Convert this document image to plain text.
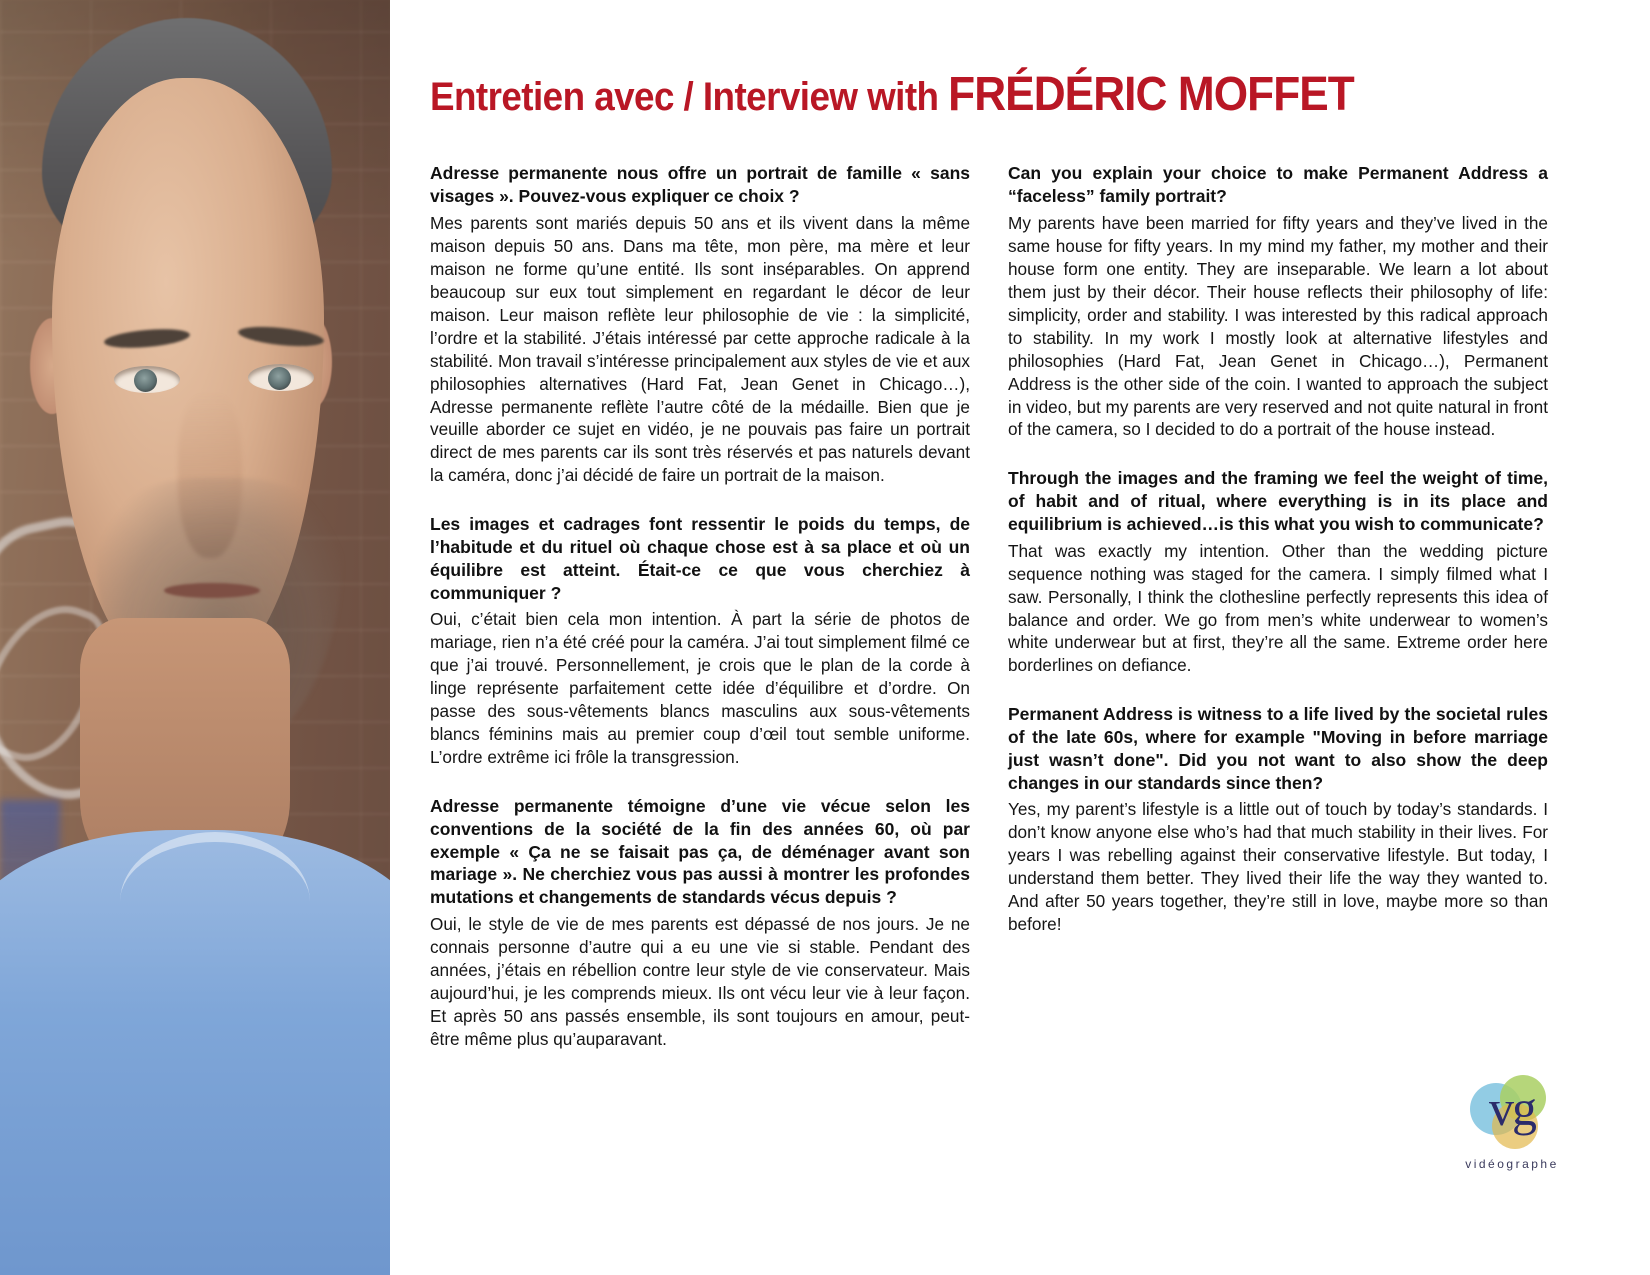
Entretien avec / Interview with FRÉDÉRIC MOFFET

Adresse permanente nous offre un portrait de famille « sans visages ». Pouvez-vous expliquer ce choix ?

Mes parents sont mariés depuis 50 ans et ils vivent dans la même maison depuis 50 ans. Dans ma tête, mon père, ma mère et leur maison ne forme qu’une entité. Ils sont inséparables. On apprend beaucoup sur eux tout simplement en regardant le décor de leur maison. Leur maison reflète leur philosophie de vie : la simplicité, l’ordre et la stabilité. J’étais intéressé par cette approche radicale à la stabilité. Mon travail s’intéresse principalement aux styles de vie et aux philosophies alternatives (Hard Fat, Jean Genet in Chicago…), Adresse permanente reflète l’autre côté de la médaille. Bien que je veuille aborder ce sujet en vidéo, je ne pouvais pas faire un portrait direct de mes parents car ils sont très réservés et pas naturels devant la caméra, donc j’ai décidé de faire un portrait de la maison.

Les images et cadrages font ressentir le poids du temps, de l’habitude et du rituel où chaque chose est à sa place et où un équilibre est atteint. Était-ce ce que vous cherchiez à communiquer ?

Oui, c’était bien cela mon intention. À part la série de photos de mariage, rien n’a été créé pour la caméra. J’ai tout simplement filmé ce que j’ai trouvé. Personnellement, je crois que le plan de la corde à linge représente parfaitement cette idée d’équilibre et d’ordre. On passe des sous-vêtements blancs masculins aux sous-vêtements blancs féminins mais au premier coup d’œil tout semble uniforme. L’ordre extrême ici frôle la transgression.

Adresse permanente témoigne d’une vie vécue selon les conventions de la société de la fin des années 60, où par exemple « Ça ne se faisait pas ça, de déménager avant son mariage ». Ne cherchiez vous pas aussi à montrer les profondes mutations et changements de standards vécus depuis ?

Oui, le style de vie de mes parents est dépassé de nos jours. Je ne connais personne d’autre qui a eu une vie si stable. Pendant des années, j’étais en rébellion contre leur style de vie conservateur. Mais aujourd’hui, je les comprends mieux. Ils ont vécu leur vie à leur façon. Et après 50 ans passés ensemble, ils sont toujours en amour, peut-être même plus qu’auparavant.

Can you explain your choice to make Permanent Address a “faceless” family portrait?

My parents have been married for fifty years and they’ve lived in the same house for fifty years. In my mind my father, my mother and their house form one entity. They are inseparable. We learn a lot about them just by their décor. Their house reflects their philosophy of life: simplicity, order and stability. I was interested by this radical approach to stability. In my work I mostly look at alternative lifestyles and philosophies (Hard Fat, Jean Genet in Chicago…), Permanent Address is the other side of the coin. I wanted to approach the subject in video, but my parents are very reserved and not quite natural in front of the camera, so I decided to do a portrait of the house instead.

Through the images and the framing we feel the weight of time, of habit and of ritual, where everything is in its place and equilibrium is achieved…is this what you wish to communicate?

That was exactly my intention. Other than the wedding picture sequence nothing was staged for the camera. I simply filmed what I saw. Personally, I think the clothesline perfectly represents this idea of balance and order. We go from men’s white underwear to women’s white underwear but at first, they’re all the same. Extreme order here borderlines on defiance.

Permanent Address is witness to a life lived by the societal rules of the late 60s, where for example "Moving in before marriage just wasn’t done". Did you not want to also show the deep changes in our standards since then?

Yes, my parent’s lifestyle is a little out of touch by today’s standards. I don’t know anyone else who’s had that much stability in their lives. For years I was rebelling against their conservative lifestyle. But today, I understand them better. They lived their life the way they wanted to. And after 50 years together, they’re still in love, maybe more so than before!

vg
vidéographe
